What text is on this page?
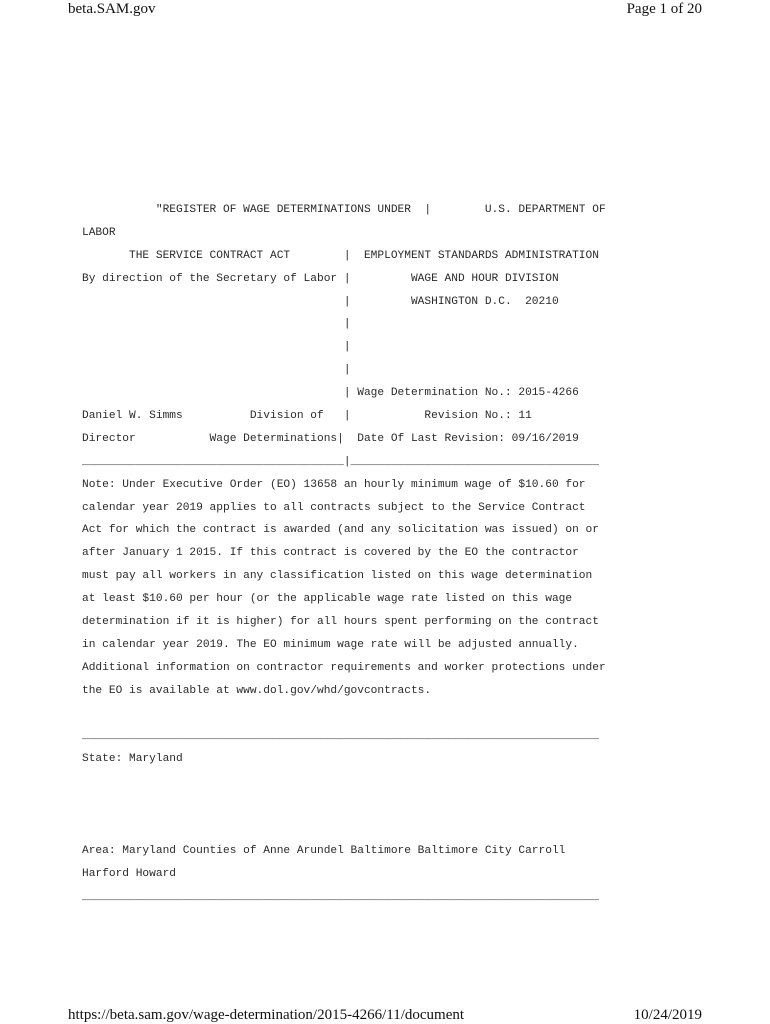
beta.SAM.gov	Page 1 of 20
"REGISTER OF WAGE DETERMINATIONS UNDER  |        U.S. DEPARTMENT OF
LABOR
THE SERVICE CONTRACT ACT        |  EMPLOYMENT STANDARDS ADMINISTRATION
By direction of the Secretary of Labor |         WAGE AND HOUR DIVISION
|         WASHINGTON D.C.  20210
|
|
|
| Wage Determination No.: 2015-4266
Daniel W. Simms          Division of   |           Revision No.: 11
Director           Wage Determinations|  Date Of Last Revision: 09/16/2019
_______________________________________|_____________________________________
Note: Under Executive Order (EO) 13658 an hourly minimum wage of $10.60 for
calendar year 2019 applies to all contracts subject to the Service Contract
Act for which the contract is awarded (and any solicitation was issued) on or
after January 1 2015. If this contract is covered by the EO the contractor
must pay all workers in any classification listed on this wage determination
at least $10.60 per hour (or the applicable wage rate listed on this wage
determination if it is higher) for all hours spent performing on the contract
in calendar year 2019. The EO minimum wage rate will be adjusted annually.
Additional information on contractor requirements and worker protections under
the EO is available at www.dol.gov/whd/govcontracts.
_____________________________________________________________________________
State: Maryland
Area: Maryland Counties of Anne Arundel Baltimore Baltimore City Carroll
Harford Howard
_____________________________________________________________________________
https://beta.sam.gov/wage-determination/2015-4266/11/document	10/24/2019
